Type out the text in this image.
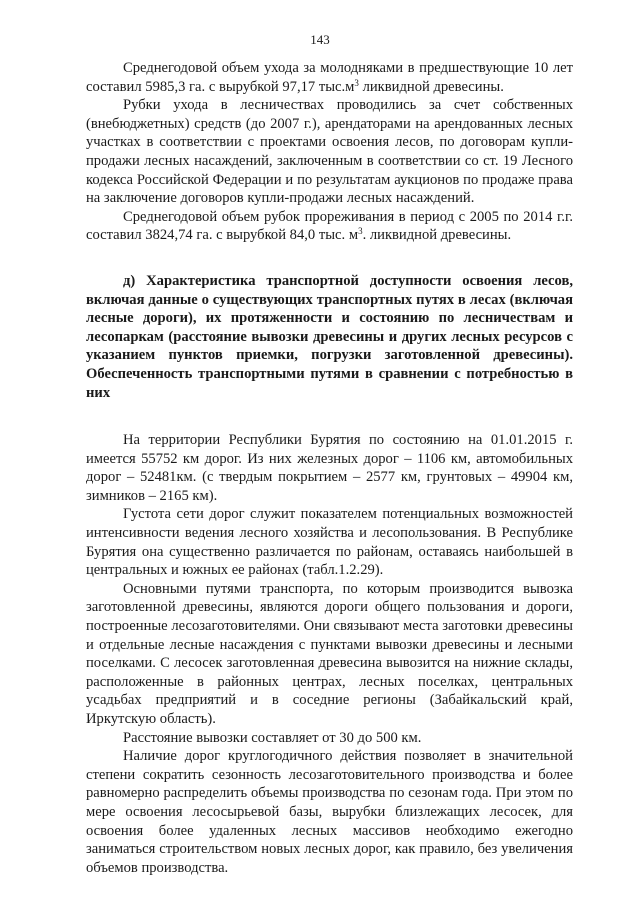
143

Среднегодовой объем ухода за молодняками в предшествующие 10 лет составил 5985,3 га. с вырубкой 97,17 $тыс.м^3$ ликвидной древесины.

Рубки ухода в лесничествах проводились за счет собственных (внебюджетных) средств (до 2007 г.), арендаторами на арендованных лесных участках в соответствии с проектами освоения лесов, по договорам купли-продажи лесных насаждений, заключенным в соответствии со ст. 19 Лесного кодекса Российской Федерации и по результатам аукционов по продаже права на заключение договоров купли-продажи лесных насаждений.

Среднегодовой объем рубок прореживания в период с 2005 по 2014 г.г. составил 3824,74 га. с вырубкой 84,0 тыс. $м^3$. ликвидной древесины.

д) Характеристика транспортной доступности освоения лесов, включая данные о существующих транспортных путях в лесах (включая лесные дороги), их протяженности и состоянию по лесничествам и лесопаркам (расстояние вывозки древесины и других лесных ресурсов с указанием пунктов приемки, погрузки заготовленной древесины). Обеспеченность транспортными путями в сравнении с потребностью в них

На территории Республики Бурятия по состоянию на 01.01.2015 г. имеется 55752 км дорог. Из них железных дорог – 1106 км, автомобильных дорог – 52481км. (с твердым покрытием – 2577 км, грунтовых – 49904 км, зимников – 2165 км).

Густота сети дорог служит показателем потенциальных возможностей интенсивности ведения лесного хозяйства и лесопользования. В Республике Бурятия она существенно различается по районам, оставаясь наибольшей в центральных и южных ее районах (табл.1.2.29).

Основными путями транспорта, по которым производится вывозка заготовленной древесины, являются дороги общего пользования и дороги, построенные лесозаготовителями. Они связывают места заготовки древесины и отдельные лесные насаждения с пунктами вывозки древесины и лесными поселками. С лесосек заготовленная древесина вывозится на нижние склады, расположенные в районных центрах, лесных поселках, центральных усадьбах предприятий и в соседние регионы (Забайкальский край, Иркутскую область).

Расстояние вывозки составляет от 30 до 500 км.

Наличие дорог круглогодичного действия позволяет в значительной степени сократить сезонность лесозаготовительного производства и более равномерно распределить объемы производства по сезонам года. При этом по мере освоения лесосырьевой базы, вырубки близлежащих лесосек, для освоения более удаленных лесных массивов необходимо ежегодно заниматься строительством новых лесных дорог, как правило, без увеличения объемов производства.
